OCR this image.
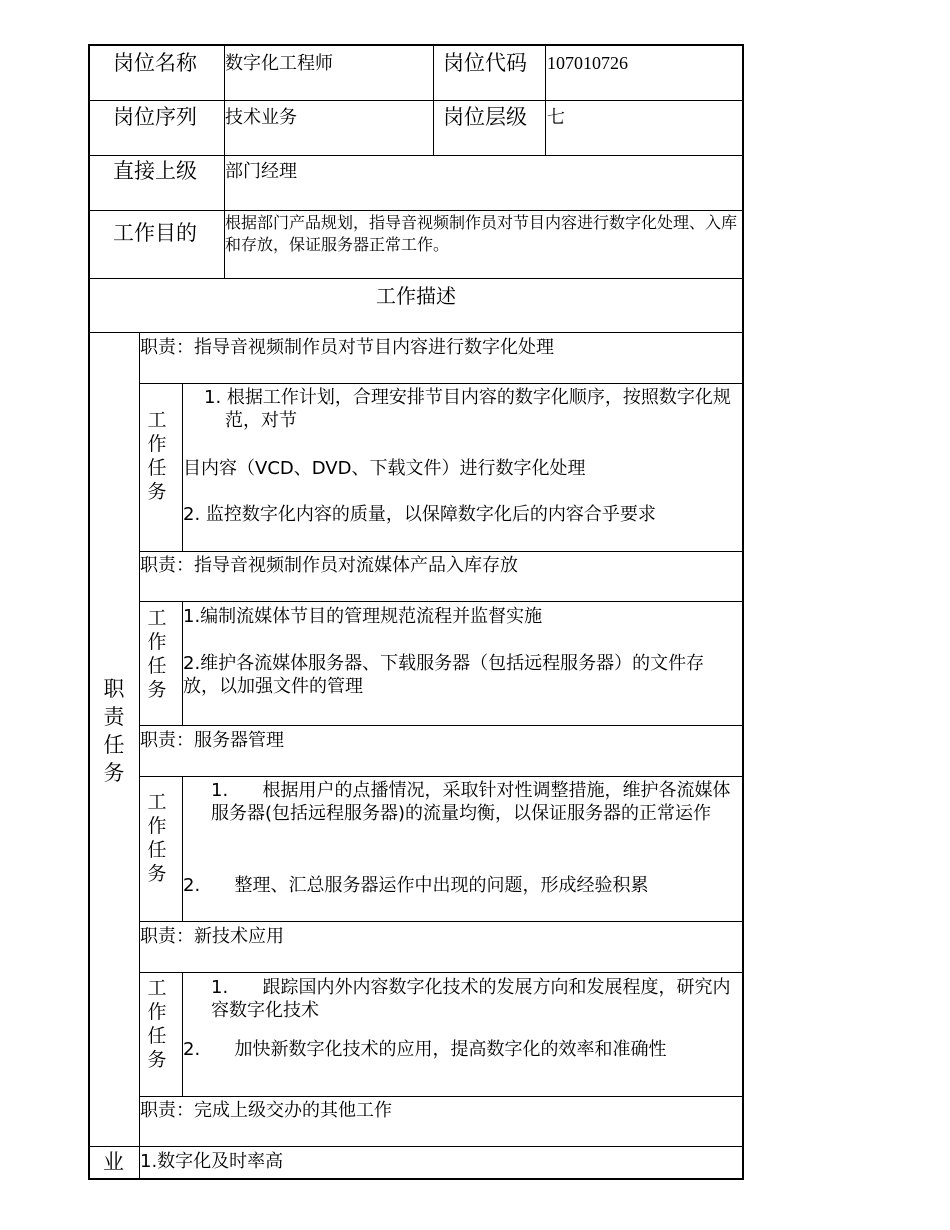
岗位名称 数字化工程师	岗位代码 107010726
岗位序列 技术业务	岗位层级 七
直接上级 部门经理
工作目的 根据部门产品规划，指导音视频制作员对节目内容进行数字化处理、入库和存放，保证服务器正常工作。
工作描述
职责任务
职责：指导音视频制作员对节目内容进行数字化处理
工作任务
1. 根据工作计划，合理安排节目内容的数字化顺序，按照数字化规范，对节
目内容（VCD、DVD、下载文件）进行数字化处理
2. 监控数字化内容的质量，以保障数字化后的内容合乎要求
职责：指导音视频制作员对流媒体产品入库存放
工作任务
1.编制流媒体节目的管理规范流程并监督实施
2.维护各流媒体服务器、下载服务器（包括远程服务器）的文件存放，以加强文件的管理
职责：服务器管理
工作任务
1.      根据用户的点播情况，采取针对性调整措施，维护各流媒体服务器(包括远程服务器)的流量均衡，以保证服务器的正常运作
2.      整理、汇总服务器运作中出现的问题，形成经验积累
职责：新技术应用
工作任务
1.      跟踪国内外内容数字化技术的发展方向和发展程度，研究内容数字化技术
2.      加快新数字化技术的应用，提高数字化的效率和准确性
职责：完成上级交办的其他工作
业 1.数字化及时率高
